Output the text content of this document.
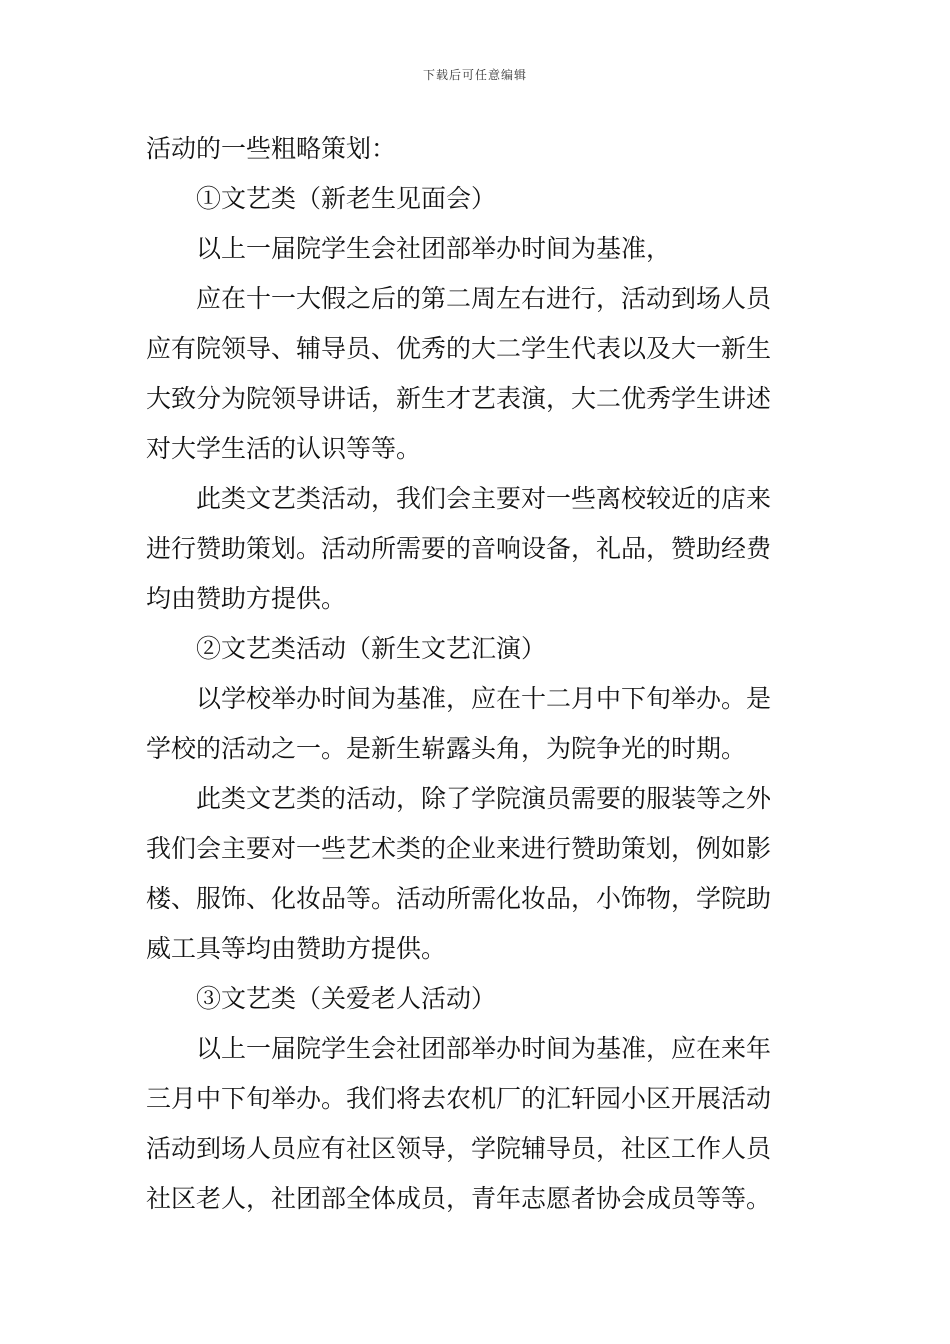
下载后可任意编辑
活动的一些粗略策划：
①文艺类（新老生见面会）
以上一届院学生会社团部举办时间为基准，
应在十一大假之后的第二周左右进行，活动到场人员
应有院领导、辅导员、优秀的大二学生代表以及大一新生
大致分为院领导讲话，新生才艺表演，大二优秀学生讲述
对大学生活的认识等等。
此类文艺类活动，我们会主要对一些离校较近的店来
进行赞助策划。活动所需要的音响设备，礼品，赞助经费
均由赞助方提供。
②文艺类活动（新生文艺汇演）
以学校举办时间为基准，应在十二月中下旬举办。是
学校的活动之一。是新生崭露头角，为院争光的时期。
此类文艺类的活动，除了学院演员需要的服装等之外
我们会主要对一些艺术类的企业来进行赞助策划，例如影
楼、服饰、化妆品等。活动所需化妆品，小饰物，学院助
威工具等均由赞助方提供。
③文艺类（关爱老人活动）
以上一届院学生会社团部举办时间为基准，应在来年
三月中下旬举办。我们将去农机厂的汇轩园小区开展活动
活动到场人员应有社区领导，学院辅导员，社区工作人员
社区老人，社团部全体成员，青年志愿者协会成员等等。
